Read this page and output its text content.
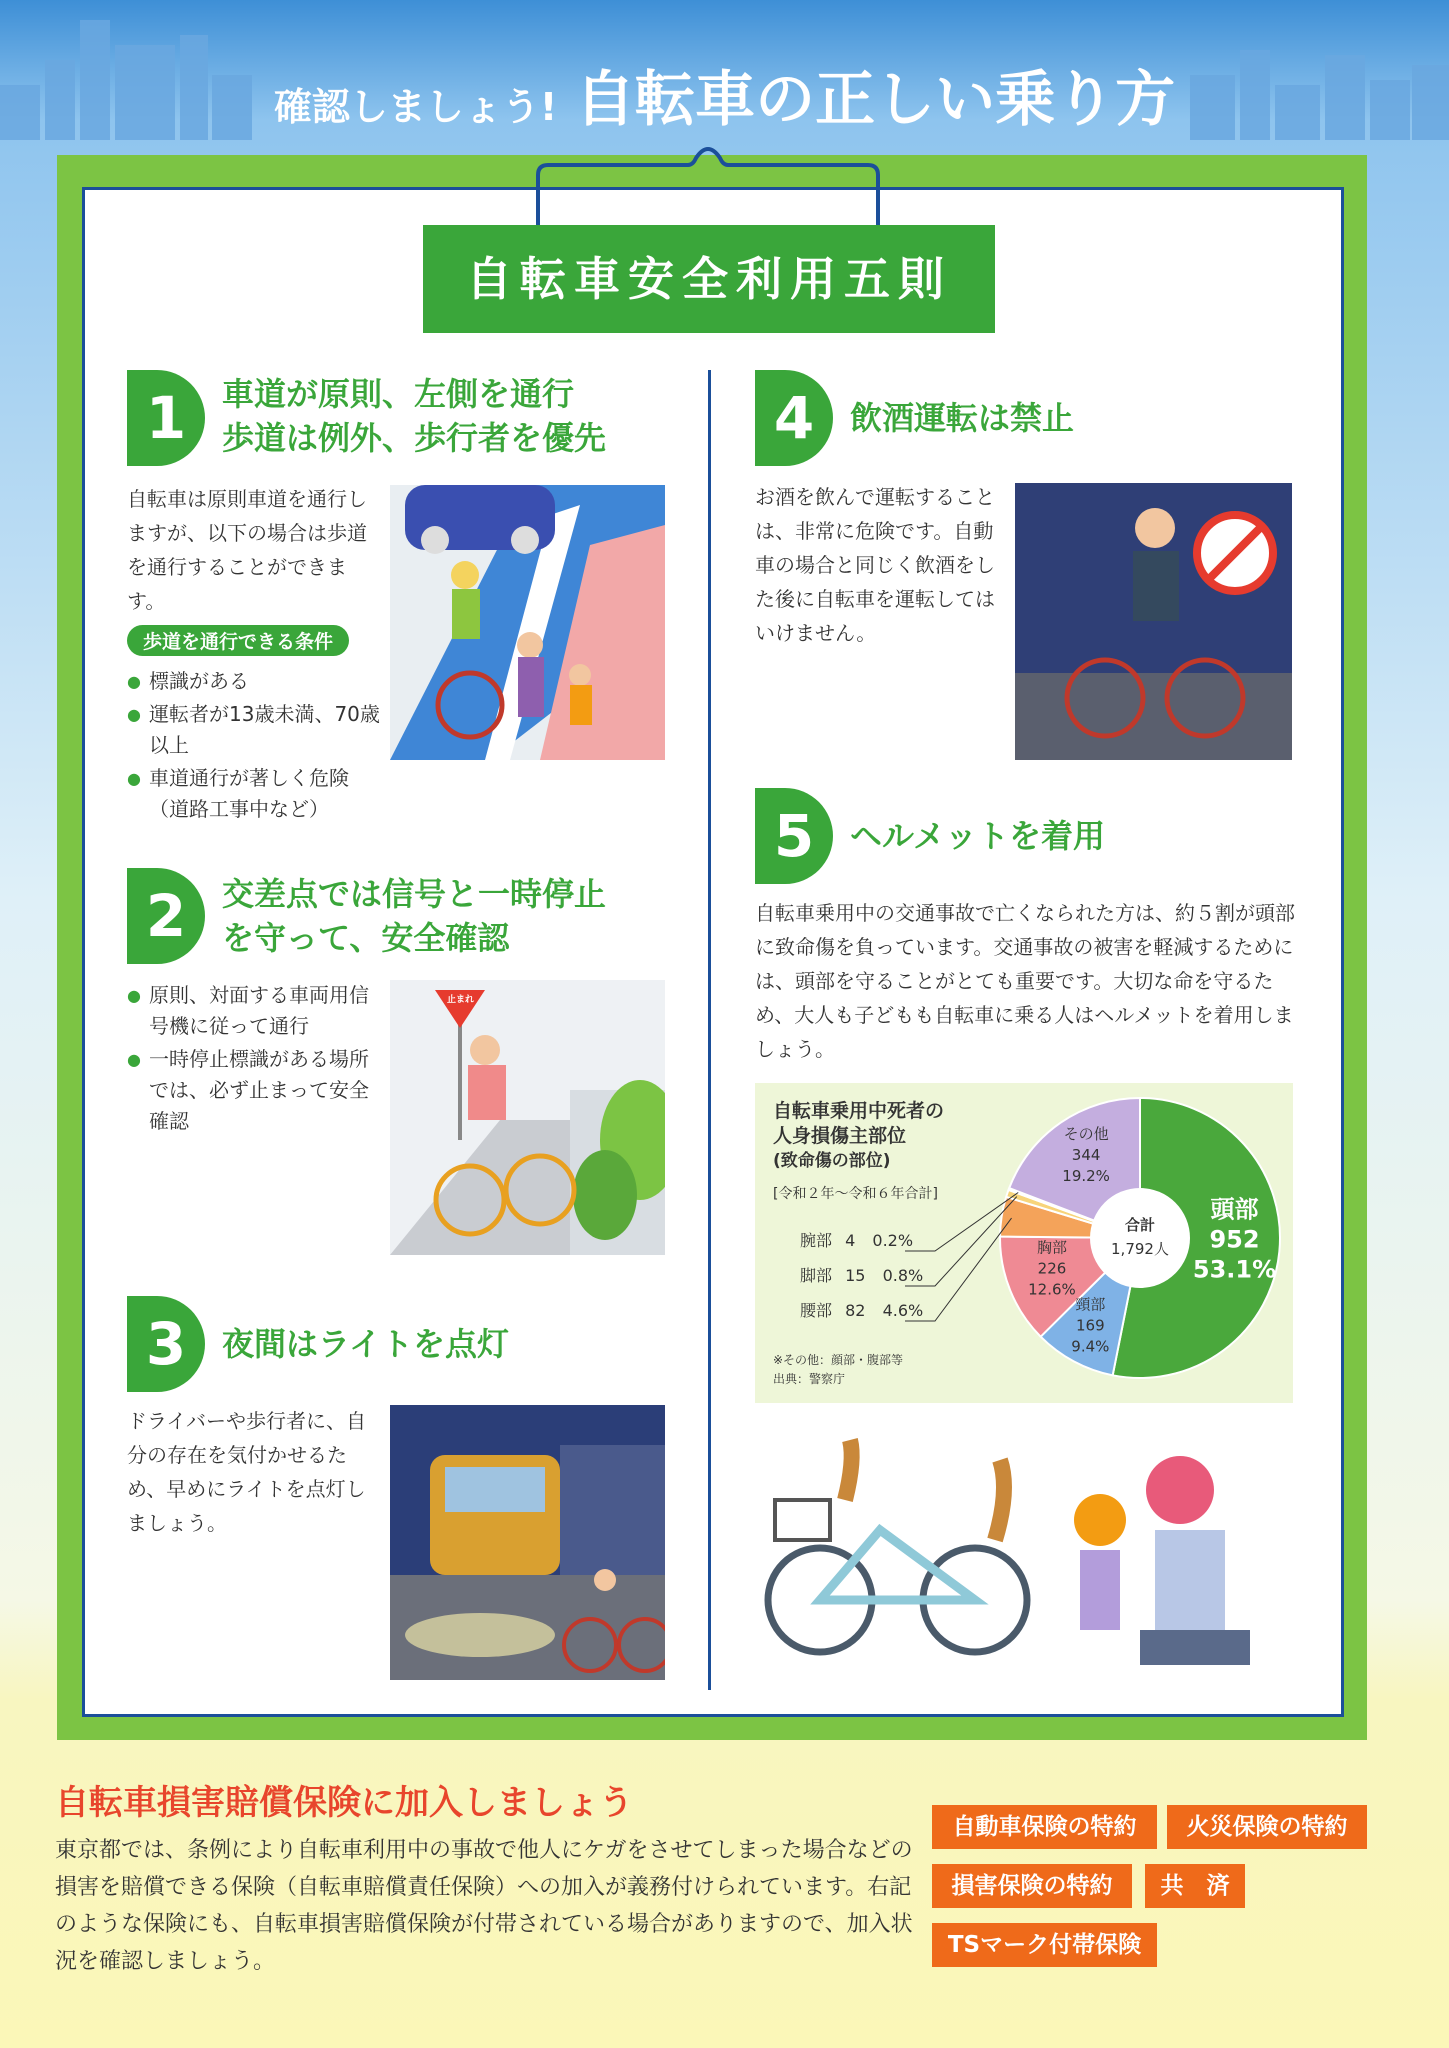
確認しましょう! 自転車の正しい乗り方
自転車安全利用五則
1	車道が原則、左側を通行
歩道は例外、歩行者を優先
自転車は原則車道を通行しますが、以下の場合は歩道を通行することができます。
歩道を通行できる条件
● 標識がある
● 運転者が13歳未満、70歳以上
● 車道通行が著しく危険（道路工事中など）
2	交差点では信号と一時停止
を守って、安全確認
● 原則、対面する車両用信号機に従って通行
● 一時停止標識がある場所では、必ず止まって安全確認
止まれ
3	夜間はライトを点灯
ドライバーや歩行者に、自分の存在を気付かせるため、早めにライトを点灯しましょう。
4	飲酒運転は禁止
お酒を飲んで運転することは、非常に危険です。自動車の場合と同じく飲酒をした後に自転車を運転してはいけません。
5	ヘルメットを着用
自転車乗用中の交通事故で亡くなられた方は、約５割が頭部に致命傷を負っています。交通事故の被害を軽減するためには、頭部を守ることがとても重要です。大切な命を守るため、大人も子どもも自転車に乗る人はヘルメットを着用しましょう。
自転車乗用中死者の
人身損傷主部位
(致命傷の部位)
[令和２年～令和６年合計]
腕部 4 0.2%
脚部 15 0.8%
腰部 82 4.6%
※その他：顔部・腹部等
出典：警察庁
合計
1,792人
頭部
952
53.1%
頸部
169
9.4%
胸部
226
12.6%
その他
344
19.2%
自転車損害賠償保険に加入しましょう
東京都では、条例により自転車利用中の事故で他人にケガをさせてしまった場合などの損害を賠償できる保険（自転車賠償責任保険）への加入が義務付けられています。右記のような保険にも、自転車損害賠償保険が付帯されている場合がありますので、加入状況を確認しましょう。
自動車保険の特約	火災保険の特約
損害保険の特約	共　済
TSマーク付帯保険
